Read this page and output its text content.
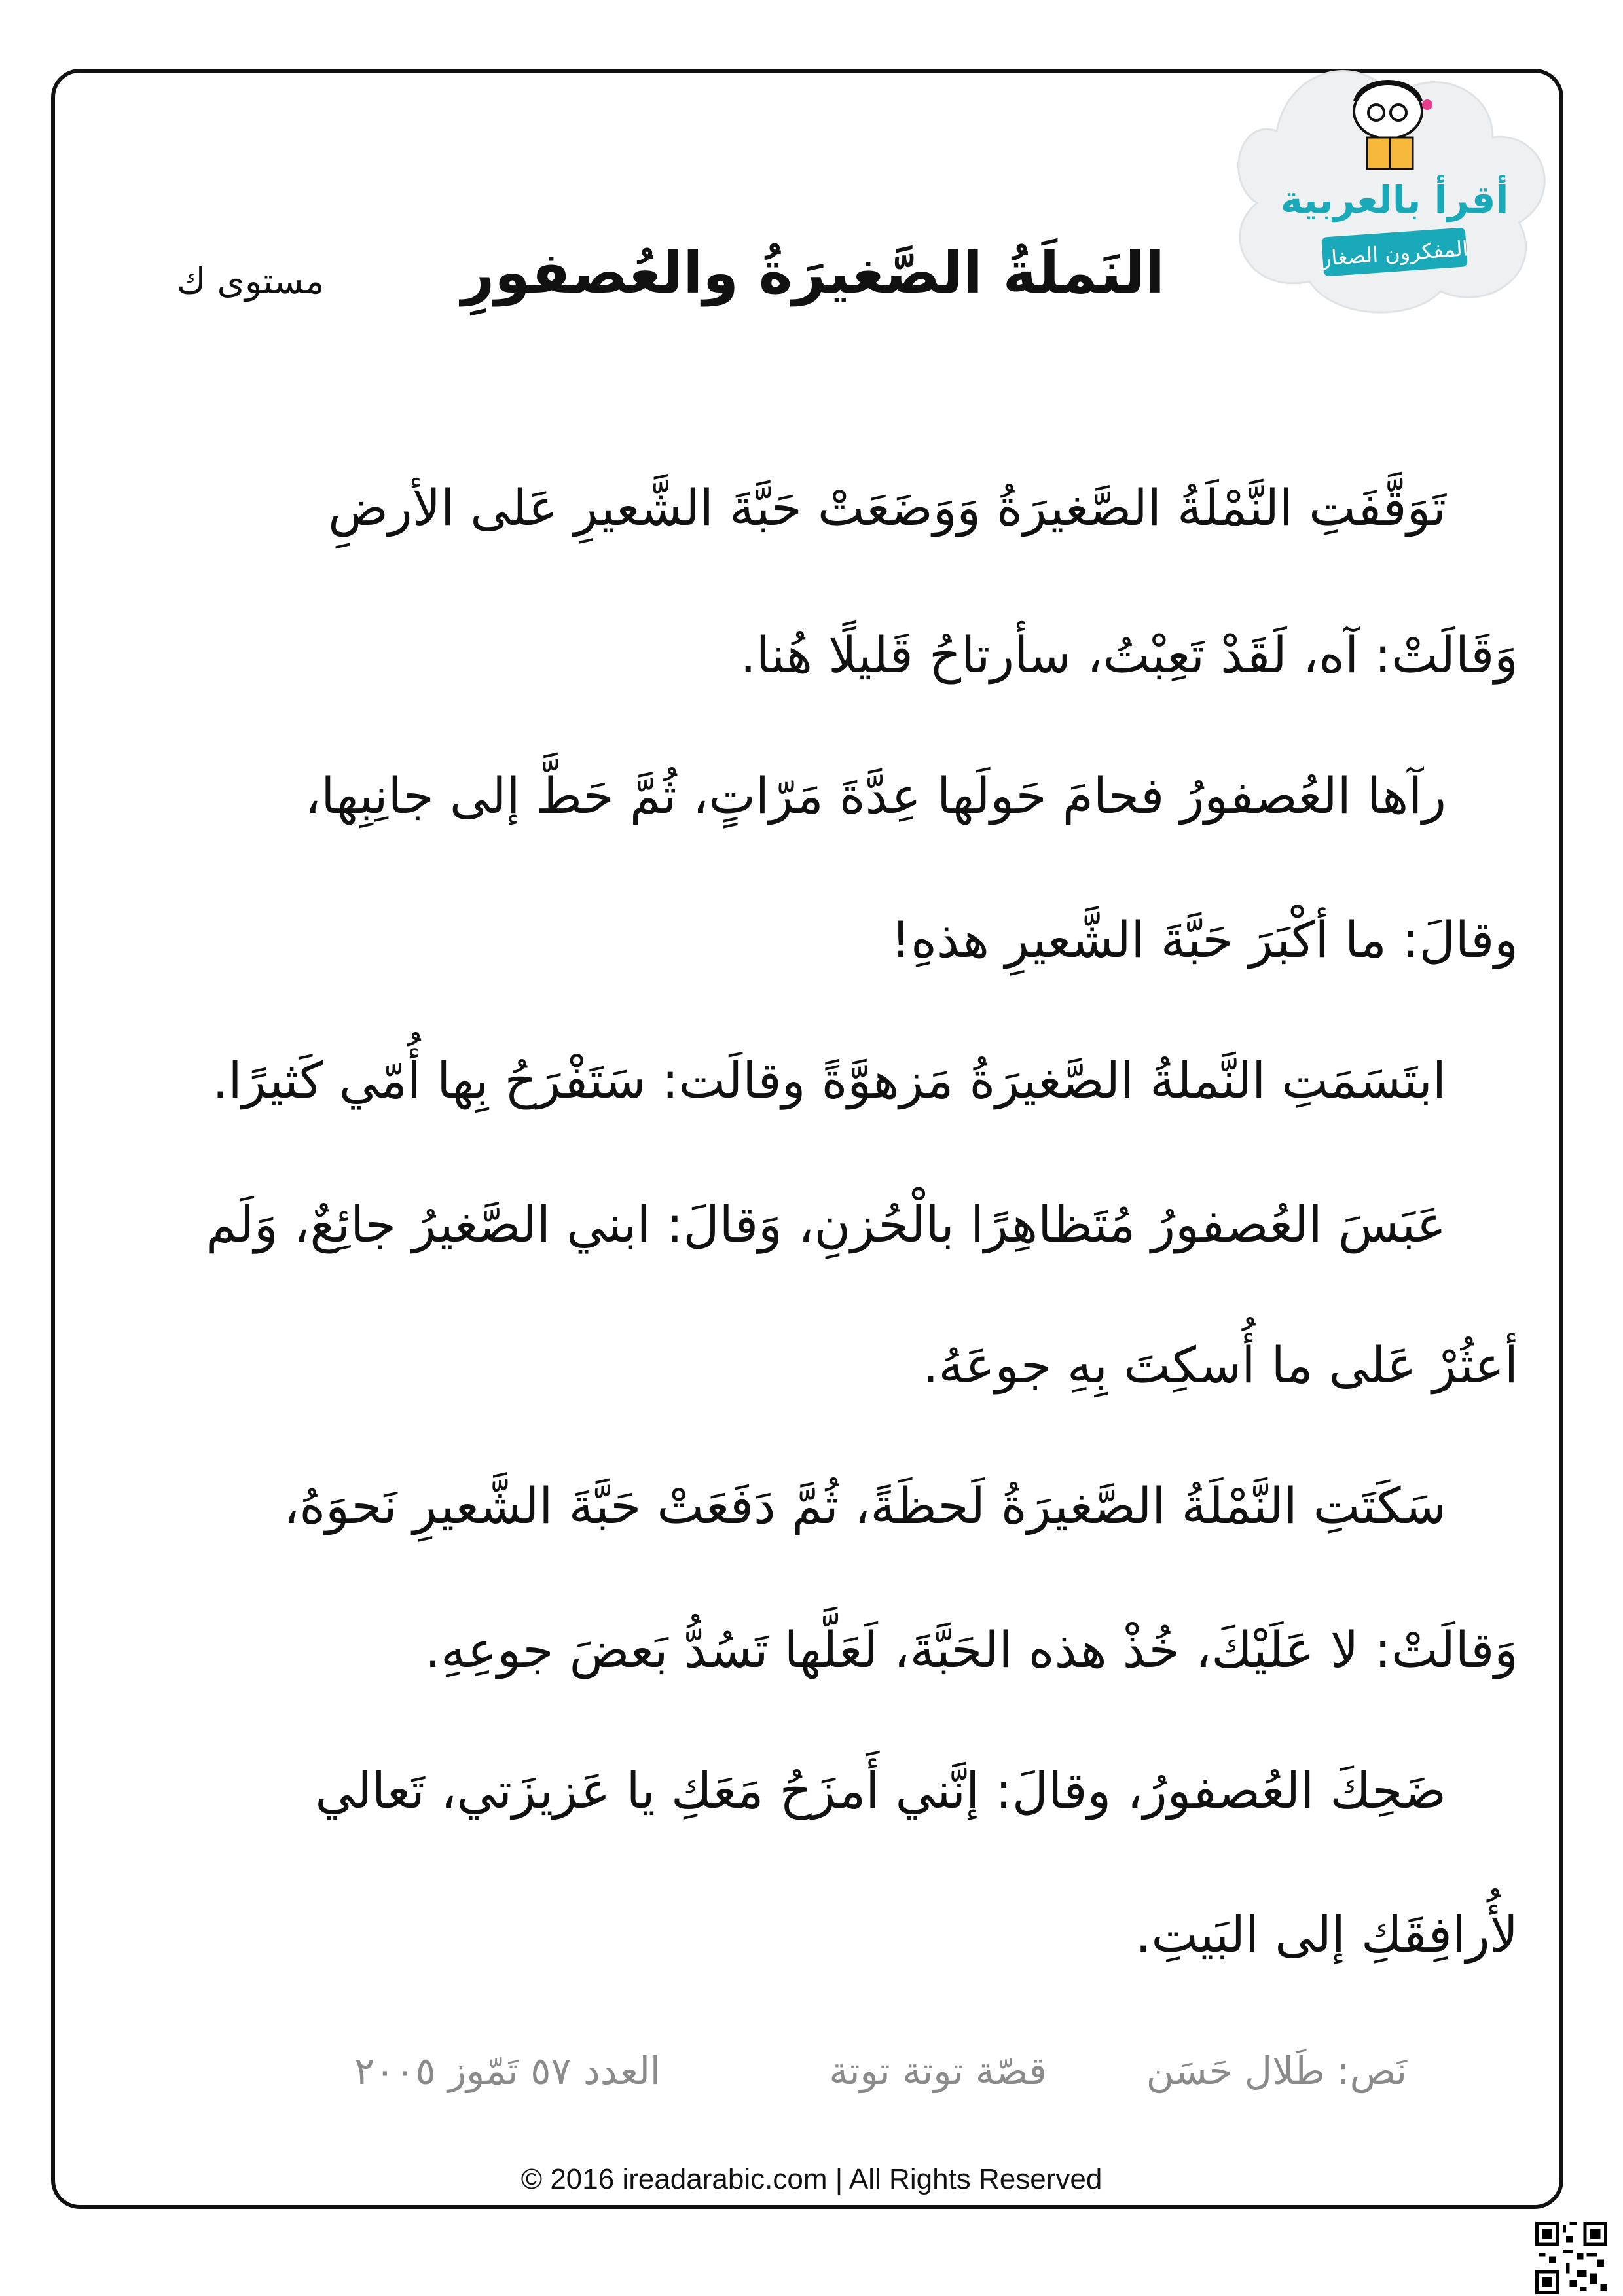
أقرأ بالعربية
المفكرون الصغار
النَملَةُ الصَّغيرَةُ والعُصفورِ
مستوى ك
تَوَقَّفَتِ النَّمْلَةُ الصَّغيرَةُ وَوَضَعَتْ حَبَّةَ الشَّعيرِ عَلى الأرضِ
وَقَالَتْ: آه، لَقَدْ تَعِبْتُ، سأرتاحُ قَليلًا هُنا.
رآها العُصفورُ فحامَ حَولَها عِدَّةَ مَرّاتٍ، ثُمَّ حَطَّ إلى جانِبِها،
وقالَ: ما أكْبَرَ حَبَّةَ الشَّعيرِ هذهِ!
ابتَسَمَتِ النَّملةُ الصَّغيرَةُ مَزهوَّةً وقالَت: سَتَفْرَحُ بِها أُمّي كَثيرًا.
عَبَسَ العُصفورُ مُتَظاهِرًا بالْحُزنِ، وَقالَ: ابني الصَّغيرُ جائِعٌ، وَلَم
أعثُرْ عَلى ما أُسكِتَ بِهِ جوعَهُ.
سَكَتَتِ النَّمْلَةُ الصَّغيرَةُ لَحظَةً، ثُمَّ دَفَعَتْ حَبَّةَ الشَّعيرِ نَحوَهُ،
وَقالَتْ: لا عَلَيْكَ، خُذْ هذه الحَبَّةَ، لَعَلَّها تَسُدُّ بَعضَ جوعِهِ.
ضَحِكَ العُصفورُ، وقالَ: إنَّني أَمزَحُ مَعَكِ يا عَزيزَتي، تَعالي
لأُرافِقَكِ إلى البَيتِ.
نَص: طَلال حَسَن
قصّة توتة توتة
العدد ٥٧ تَمّوز ٢٠٠٥
© 2016 ireadarabic.com | All Rights Reserved
